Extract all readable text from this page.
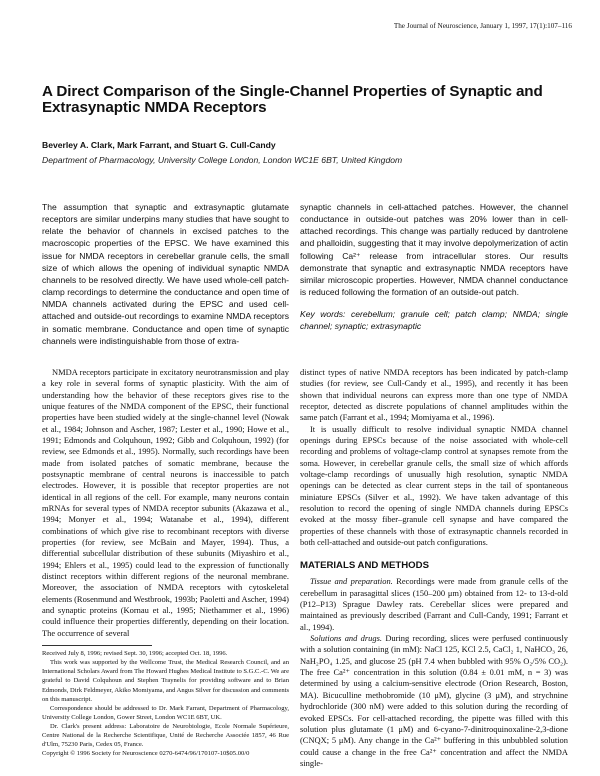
The Journal of Neuroscience, January 1, 1997, 17(1):107–116
A Direct Comparison of the Single-Channel Properties of Synaptic and Extrasynaptic NMDA Receptors
Beverley A. Clark, Mark Farrant, and Stuart G. Cull-Candy
Department of Pharmacology, University College London, London WC1E 6BT, United Kingdom

The assumption that synaptic and extrasynaptic glutamate receptors are similar underpins many studies that have sought to relate the behavior of channels in excised patches to the macroscopic properties of the EPSC. We have examined this issue for NMDA receptors in cerebellar granule cells, the small size of which allows the opening of individual synaptic NMDA channels to be resolved directly. We have used whole-cell patch-clamp recordings to determine the conductance and open time of NMDA channels activated during the EPSC and used cell-attached and outside-out recordings to examine NMDA receptors in somatic membrane. Conductance and open time of synaptic channels were indistinguishable from those of extra-

synaptic channels in cell-attached patches. However, the channel conductance in outside-out patches was 20% lower than in cell-attached recordings. This change was partially reduced by dantrolene and phalloidin, suggesting that it may involve depolymerization of actin following Ca²⁺ release from intracellular stores. Our results demonstrate that synaptic and extrasynaptic NMDA receptors have similar microscopic properties. However, NMDA channel conductance is reduced following the formation of an outside-out patch.

Key words: cerebellum; granule cell; patch clamp; NMDA; single channel; synaptic; extrasynaptic

NMDA receptors participate in excitatory neurotransmission and play a key role in several forms of synaptic plasticity. With the aim of understanding how the behavior of these receptors gives rise to the unique features of the NMDA component of the EPSC, their functional properties have been studied widely at the single-channel level (Nowak et al., 1984; Johnson and Ascher, 1987; Lester et al., 1990; Howe et al., 1991; Edmonds and Colquhoun, 1992; Gibb and Colquhoun, 1992) (for review, see Edmonds et al., 1995). Normally, such recordings have been made from isolated patches of somatic membrane, because the postsynaptic membrane of central neurons is inaccessible to patch electrodes. However, it is possible that receptor properties are not identical in all regions of the cell. For example, many neurons contain mRNAs for several types of NMDA receptor subunits (Akazawa et al., 1994; Monyer et al., 1994; Watanabe et al., 1994), different combinations of which give rise to recombinant receptors with diverse properties (for review, see McBain and Mayer, 1994). Thus, a differential subcellular distribution of these subunits (Miyashiro et al., 1994; Ehlers et al., 1995) could lead to the expression of functionally distinct receptors within different regions of the neuronal membrane. Moreover, the association of NMDA receptors with cytoskeletal elements (Rosenmund and Westbrook, 1993b; Paoletti and Ascher, 1994) and synaptic proteins (Kornau et al., 1995; Niethammer et al., 1996) could influence their properties differently, depending on their location. The occurrence of several

Received July 8, 1996; revised Sept. 30, 1996; accepted Oct. 18, 1996.

This work was supported by the Wellcome Trust, the Medical Research Council, and an International Scholars Award from The Howard Hughes Medical Institute to S.G.C.-C. We are grateful to David Colquhoun and Stephen Traynelis for providing software and to Brian Edmonds, Dirk Feldmeyer, Akiko Momiyama, and Angus Silver for discussion and comments on this manuscript.

Correspondence should be addressed to Dr. Mark Farrant, Department of Pharmacology, University College London, Gower Street, London WC1E 6BT, UK.

Dr. Clark's present address: Laboratoire de Neurobiologie, Ecole Normale Supérieure, Centre National de la Recherche Scientifique, Unité de Recherche Associée 1857, 46 Rue d'Ulm, 75230 Paris, Cedex 05, France.

Copyright © 1996 Society for Neuroscience 0270-6474/96/170107-10$05.00/0

distinct types of native NMDA receptors has been indicated by patch-clamp studies (for review, see Cull-Candy et al., 1995), and recently it has been shown that individual neurons can express more than one type of NMDA receptor, detected as discrete populations of channel amplitudes within the same patch (Farrant et al., 1994; Momiyama et al., 1996).

It is usually difficult to resolve individual synaptic NMDA channel openings during EPSCs because of the noise associated with whole-cell recording and problems of voltage-clamp control at synapses remote from the soma. However, in cerebellar granule cells, the small size of which affords voltage-clamp recordings of unusually high resolution, synaptic NMDA openings can be detected as clear current steps in the tail of spontaneous miniature EPSCs (Silver et al., 1992). We have taken advantage of this resolution to record the opening of single NMDA channels during EPSCs evoked at the mossy fiber–granule cell synapse and have compared the properties of these channels with those of extrasynaptic channels recorded in both cell-attached and outside-out patch configurations.

MATERIALS AND METHODS

Tissue and preparation. Recordings were made from granule cells of the cerebellum in parasagittal slices (150–200 μm) obtained from 12- to 13-d-old (P12–P13) Sprague Dawley rats. Cerebellar slices were prepared and maintained as previously described (Farrant and Cull-Candy, 1991; Farrant et al., 1994).

Solutions and drugs. During recording, slices were perfused continuously with a solution containing (in mM): NaCl 125, KCl 2.5, CaCl₂ 1, NaHCO₃ 26, NaH₂PO₄ 1.25, and glucose 25 (pH 7.4 when bubbled with 95% O₂/5% CO₂). The free Ca²⁺ concentration in this solution (0.84 ± 0.01 mM, n = 3) was determined by using a calcium-sensitive electrode (Orion Research, Boston, MA). Bicuculline methobromide (10 μM), glycine (3 μM), and strychnine hydrochloride (300 nM) were added to this solution during the recording of evoked EPSCs. For cell-attached recording, the pipette was filled with this solution plus glutamate (1 μM) and 6-cyano-7-dinitroquinoxaline-2,3-dione (CNQX; 5 μM). Any change in the Ca²⁺ buffering in this unbubbled solution could cause a change in the free Ca²⁺ concentration and affect the NMDA single-
